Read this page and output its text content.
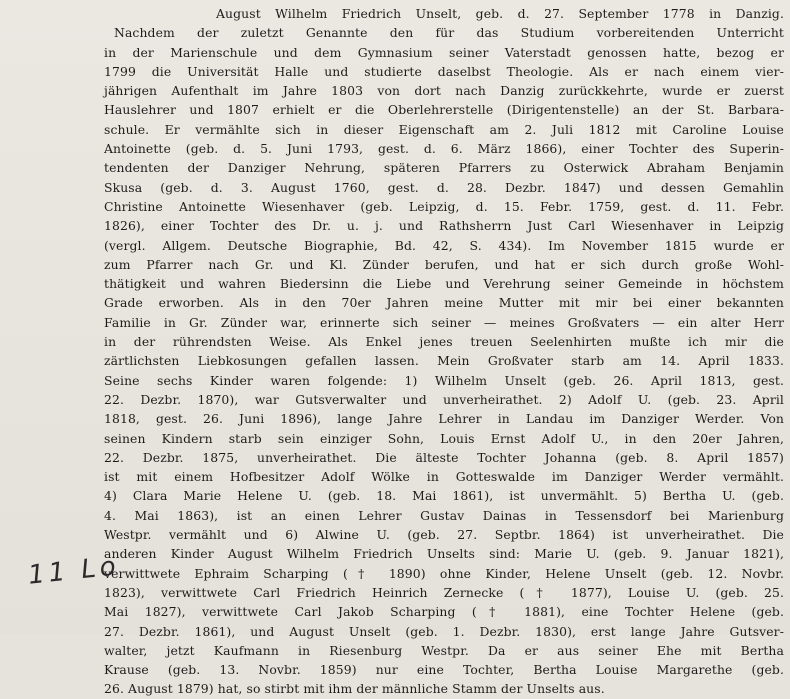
August Wilhelm Friedrich Unselt, geb. d. 27. September 1778 in Danzig.
Nachdem der zuletzt Genannte den für das Studium vorbereitenden Unterricht
in der Marienschule und dem Gymnasium seiner Vaterstadt genossen hatte, bezog er
1799 die Universität Halle und studierte daselbst Theologie. Als er nach einem vier-
jährigen Aufenthalt im Jahre 1803 von dort nach Danzig zurückkehrte, wurde er zuerst
Hauslehrer und 1807 erhielt er die Oberlehrerstelle (Dirigentenstelle) an der St. Barbara-
schule. Er vermählte sich in dieser Eigenschaft am 2. Juli 1812 mit Caroline Louise
Antoinette (geb. d. 5. Juni 1793, gest. d. 6. März 1866), einer Tochter des Superin-
tendenten der Danziger Nehrung, späteren Pfarrers zu Osterwick Abraham Benjamin
Skusa (geb. d. 3. August 1760, gest. d. 28. Dezbr. 1847) und dessen Gemahlin
Christine Antoinette Wiesenhaver (geb. Leipzig, d. 15. Febr. 1759, gest. d. 11. Febr.
1826), einer Tochter des Dr. u. j. und Rathsherrn Just Carl Wiesenhaver in Leipzig
(vergl. Allgem. Deutsche Biographie, Bd. 42, S. 434). Im November 1815 wurde er
zum Pfarrer nach Gr. und Kl. Zünder berufen, und hat er sich durch große Wohl-
thätigkeit und wahren Biedersinn die Liebe und Verehrung seiner Gemeinde in höchstem
Grade erworben. Als in den 70er Jahren meine Mutter mit mir bei einer bekannten
Familie in Gr. Zünder war, erinnerte sich seiner — meines Großvaters — ein alter Herr
in der rührendsten Weise. Als Enkel jenes treuen Seelenhirten mußte ich mir die
zärtlichsten Liebkosungen gefallen lassen. Mein Großvater starb am 14. April 1833.
Seine sechs Kinder waren folgende: 1) Wilhelm Unselt (geb. 26. April 1813, gest.
22. Dezbr. 1870), war Gutsverwalter und unverheirathet. 2) Adolf U. (geb. 23. April
1818, gest. 26. Juni 1896), lange Jahre Lehrer in Landau im Danziger Werder. Von
seinen Kindern starb sein einziger Sohn, Louis Ernst Adolf U., in den 20er Jahren,
22. Dezbr. 1875, unverheirathet. Die älteste Tochter Johanna (geb. 8. April 1857)
ist mit einem Hofbesitzer Adolf Wölke in Gotteswalde im Danziger Werder vermählt.
4) Clara Marie Helene U. (geb. 18. Mai 1861), ist unvermählt. 5) Bertha U. (geb.
4. Mai 1863), ist an einen Lehrer Gustav Dainas in Tessensdorf bei Marienburg
Westpr. vermählt und 6) Alwine U. (geb. 27. Septbr. 1864) ist unverheirathet. Die
anderen Kinder August Wilhelm Friedrich Unselts sind: Marie U. (geb. 9. Januar 1821),
verwittwete Ephraim Scharping († 1890) ohne Kinder, Helene Unselt (geb. 12. Novbr.
1823), verwittwete Carl Friedrich Heinrich Zernecke († 1877), Louise U. (geb. 25.
Mai 1827), verwittwete Carl Jakob Scharping († 1881), eine Tochter Helene (geb.
27. Dezbr. 1861), und August Unselt (geb. 1. Dezbr. 1830), erst lange Jahre Gutsver-
walter, jetzt Kaufmann in Riesenburg Westpr. Da er aus seiner Ehe mit Bertha
Krause (geb. 13. Novbr. 1859) nur eine Tochter, Bertha Louise Margarethe (geb.
26. August 1879) hat, so stirbt mit ihm der männliche Stamm der Unselts aus.
11 Lo
